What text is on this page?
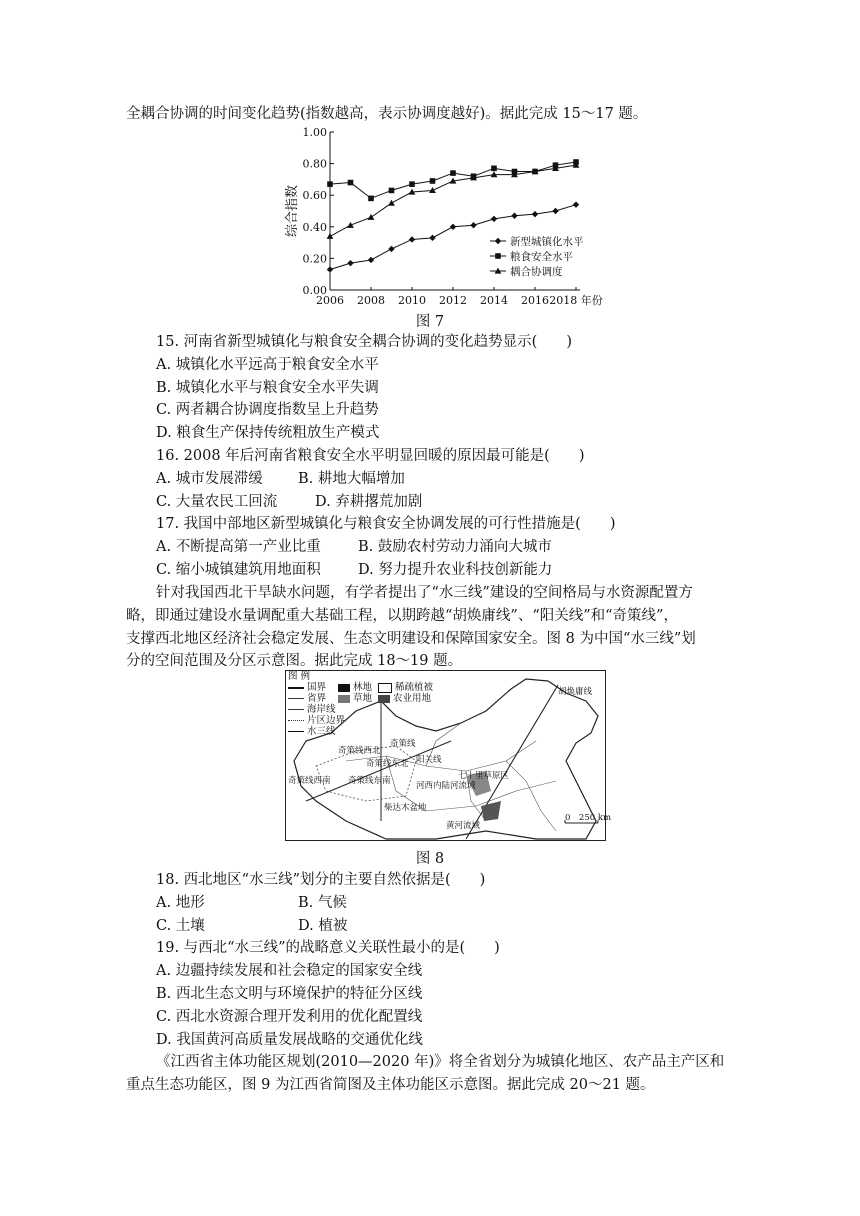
全耦合协调的时间变化趋势(指数越高，表示协调度越好)。据此完成 15～17 题。
0.00
0.20
0.40
0.60
0.80
1.00
2006 2008 2010 2012 2014 2016 2018 年份
综合指数
新型城镇化水平
粮食安全水平
耦合协调度
图 7
15. 河南省新型城镇化与粮食安全耦合协调的变化趋势显示(　　)
A. 城镇化水平远高于粮食安全水平
B. 城镇化水平与粮食安全水平失调
C. 两者耦合协调度指数呈上升趋势
D. 粮食生产保持传统粗放生产模式
16. 2008 年后河南省粮食安全水平明显回暖的原因最可能是(　　)
A. 城市发展滞缓 B. 耕地大幅增加
C. 大量农民工回流	D. 弃耕撂荒加剧
17. 我国中部地区新型城镇化与粮食安全协调发展的可行性措施是(　　)
A. 不断提高第一产业比重	B. 鼓励农村劳动力涌向大城市
C. 缩小城镇建筑用地面积	D. 努力提升农业科技创新能力
针对我国西北干旱缺水问题，有学者提出了“水三线”建设的空间格局与水资源配置方
略，即通过建设水量调配重大基础工程，以期跨越“胡焕庸线”、“阳关线”和“奇策线”，
支撑西北地区经济社会稳定发展、生态文明建设和保障国家安全。图 8 为中国“水三线”划
分的空间范围及分区示意图。据此完成 18～19 题。
图 例
国界	林地 稀疏植被
省界	草地 农业用地
海岸线
片区边界
水三线
胡焕庸线
奇策线
奇策线西北
奇策线东北 阳关线
奇策线西南 奇策线东南	七十里草原区
河西内陆河流域
柴达木盆地
黄河流域
0　250 km
图 8
18. 西北地区“水三线”划分的主要自然依据是(　　)
A. 地形	B. 气候
C. 土壤	D. 植被
19. 与西北“水三线”的战略意义关联性最小的是(　　)
A. 边疆持续发展和社会稳定的国家安全线
B. 西北生态文明与环境保护的特征分区线
C. 西北水资源合理开发利用的优化配置线
D. 我国黄河高质量发展战略的交通优化线
《江西省主体功能区规划(2010—2020 年)》将全省划分为城镇化地区、农产品主产区和
重点生态功能区，图 9 为江西省简图及主体功能区示意图。据此完成 20～21 题。
